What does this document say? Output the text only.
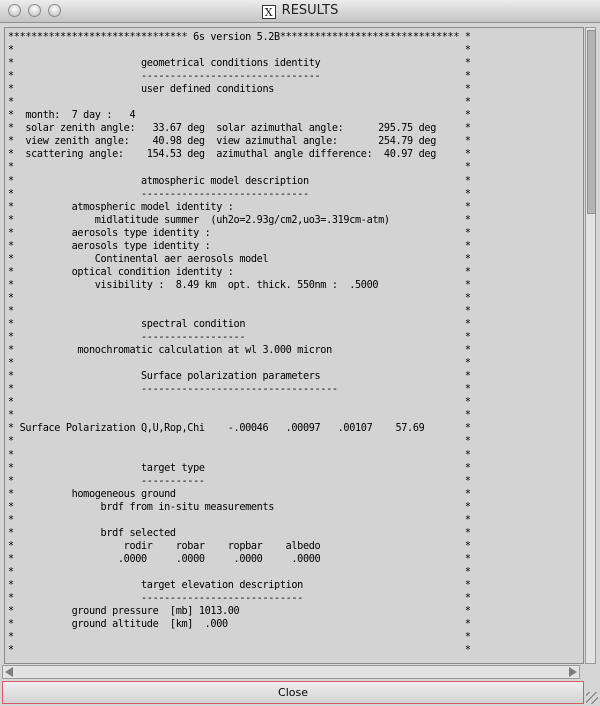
X RESULTS
******************************* 6s version 5.2B******************************* *
*                                                                              *
*                      geometrical conditions identity                         *
*                      -------------------------------                         *
*                      user defined conditions                                 *
*                                                                              *
*  month:  7 day :   4                                                         *
*  solar zenith angle:   33.67 deg  solar azimuthal angle:      295.75 deg     *
*  view zenith angle:    40.98 deg  view azimuthal angle:       254.79 deg     *
*  scattering angle:    154.53 deg  azimuthal angle difference:  40.97 deg     *
*                                                                              *
*                      atmospheric model description                           *
*                      -----------------------------                           *
*          atmospheric model identity :                                        *
*              midlatitude summer  (uh2o=2.93g/cm2,uo3=.319cm-atm)             *
*          aerosols type identity :                                            *
*          aerosols type identity :                                            *
*              Continental aer aerosols model                                  *
*          optical condition identity :                                        *
*              visibility :  8.49 km  opt. thick. 550nm :  .5000               *
*                                                                              *
*                                                                              *
*                      spectral condition                                      *
*                      ------------------                                      *
*           monochromatic calculation at wl 3.000 micron                       *
*                                                                              *
*                      Surface polarization parameters                         *
*                      ----------------------------------                      *
*                                                                              *
*                                                                              *
* Surface Polarization Q,U,Rop,Chi    -.00046   .00097   .00107    57.69       *
*                                                                              *
*                                                                              *
*                      target type                                             *
*                      -----------                                             *
*          homogeneous ground                                                  *
*               brdf from in-situ measurements                                 *
*                                                                              *
*               brdf selected                                                  *
*                   rodir    robar    ropbar    albedo                         *
*                  .0000     .0000     .0000     .0000                         *
*                                                                              *
*                      target elevation description                            *
*                      ----------------------------                            *
*          ground pressure  [mb] 1013.00                                       *
*          ground altitude  [km]  .000                                         *
*                                                                              *
*                                                                              *

Close
